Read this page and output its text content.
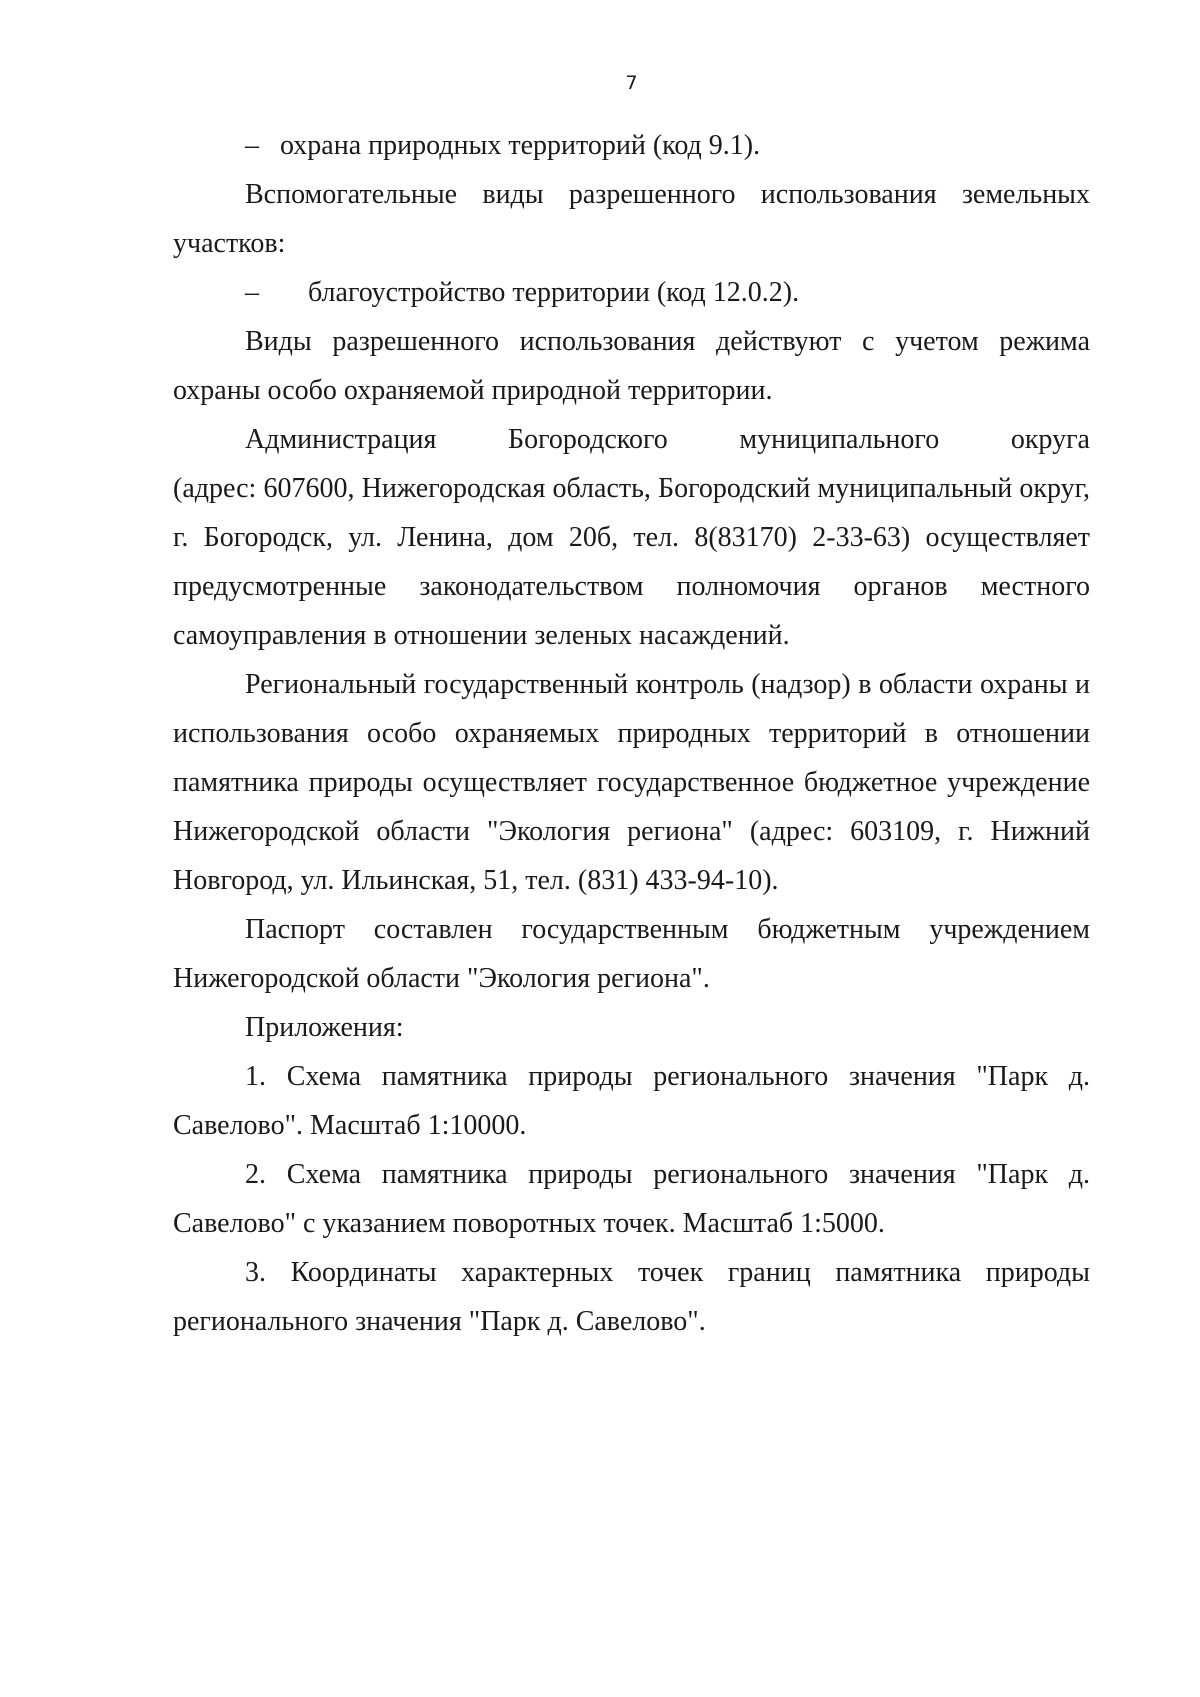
7
– охрана природных территорий (код 9.1).

Вспомогательные виды разрешенного использования земельных участков:

– благоустройство территории (код 12.0.2).

Виды разрешенного использования действуют с учетом режима охраны особо охраняемой природной территории.

Администрация	Богородского	муниципального	округа

(адрес: 607600, Нижегородская область, Богородский муниципальный округ, г. Богородск, ул. Ленина, дом 20б, тел. 8(83170) 2-33-63) осуществляет предусмотренные законодательством полномочия органов местного самоуправления в отношении зеленых насаждений.

Региональный государственный контроль (надзор) в области охраны и использования особо охраняемых природных территорий в отношении памятника природы осуществляет государственное бюджетное учреждение Нижегородской области "Экология региона" (адрес: 603109, г. Нижний Новгород, ул. Ильинская, 51, тел. (831) 433-94-10).

Паспорт составлен государственным бюджетным учреждением Нижегородской области "Экология региона".

Приложения:

1. Схема памятника природы регионального значения "Парк д. Савелово". Масштаб 1:10000.

2. Схема памятника природы регионального значения "Парк д. Савелово" с указанием поворотных точек. Масштаб 1:5000.

3. Координаты характерных точек границ памятника природы регионального значения "Парк д. Савелово".
